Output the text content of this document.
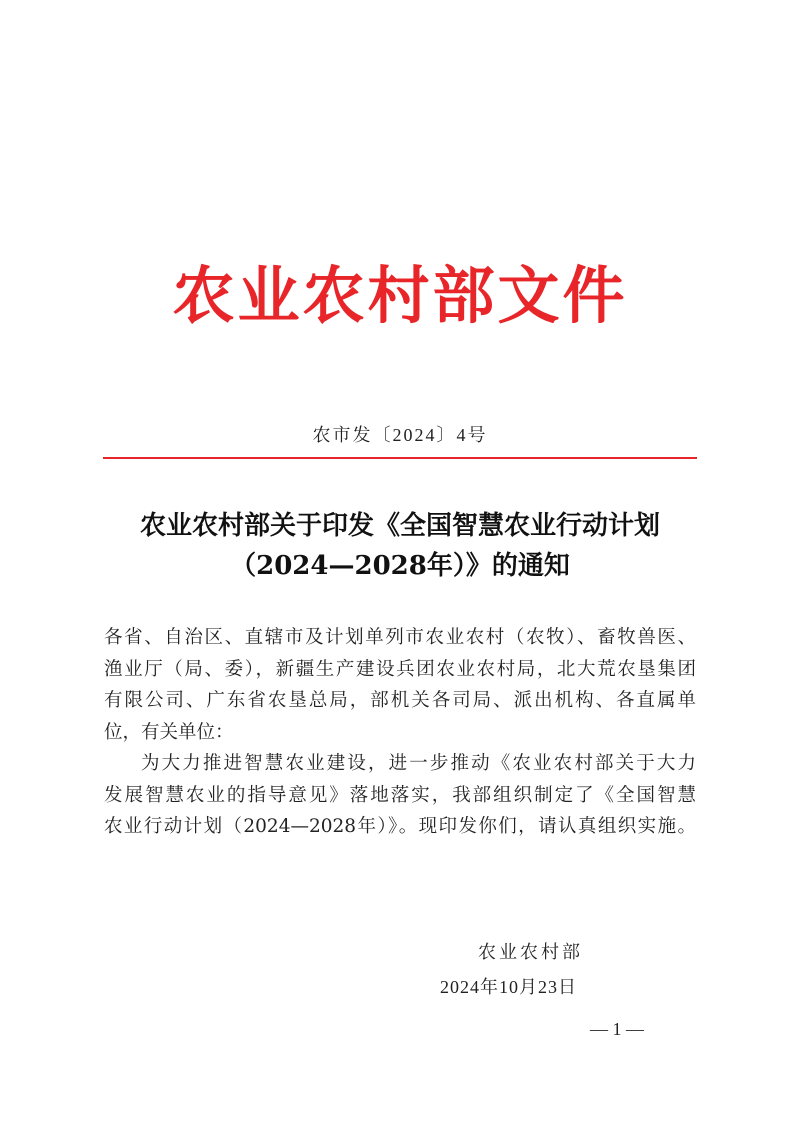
农业农村部文件
农市发〔2024〕4号
农业农村部关于印发《全国智慧农业行动计划
（2024—2028年）》的通知
各省、自治区、直辖市及计划单列市农业农村（农牧）、畜牧兽医、
渔业厅（局、委），新疆生产建设兵团农业农村局，北大荒农垦集团
有限公司、广东省农垦总局，部机关各司局、派出机构、各直属单
位，有关单位：
为大力推进智慧农业建设，进一步推动《农业农村部关于大力
发展智慧农业的指导意见》落地落实，我部组织制定了《全国智慧
农业行动计划（2024—2028年）》。现印发你们，请认真组织实施。
农业农村部
2024年10月23日
— 1 —
